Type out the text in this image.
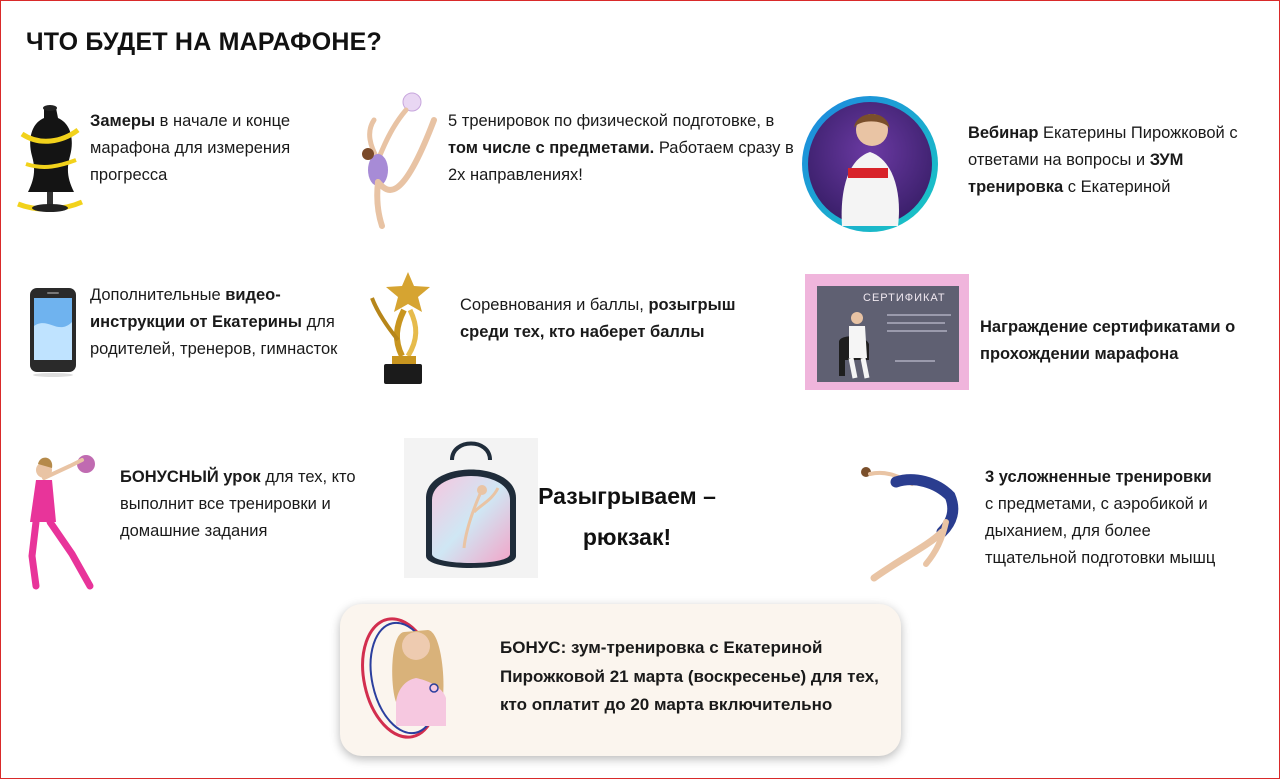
ЧТО БУДЕТ НА МАРАФОНЕ?
Замеры в начале и конце марафона для измерения прогресса
5 тренировок по физической подготовке, в том числе с предметами. Работаем сразу в 2х направлениях!
Вебинар Екатерины Пирожковой с ответами на вопросы и ЗУМ тренировка с Екатериной
Дополнительные видео-инструкции от Екатерины для родителей, тренеров, гимнасток
Соревнования и баллы, розыгрыш среди тех, кто наберет баллы
СЕРТИФИКАТ
Награждение сертификатами о прохождении марафона
БОНУСНЫЙ урок для тех, кто выполнит все тренировки и домашние задания
Разыгрываем – рюкзак!
3 усложненные тренировки с предметами, с аэробикой и дыханием, для более тщательной подготовки мышц
БОНУС: зум-тренировка с Екатериной Пирожковой 21 марта (воскресенье) для тех, кто оплатит до 20 марта включительно
